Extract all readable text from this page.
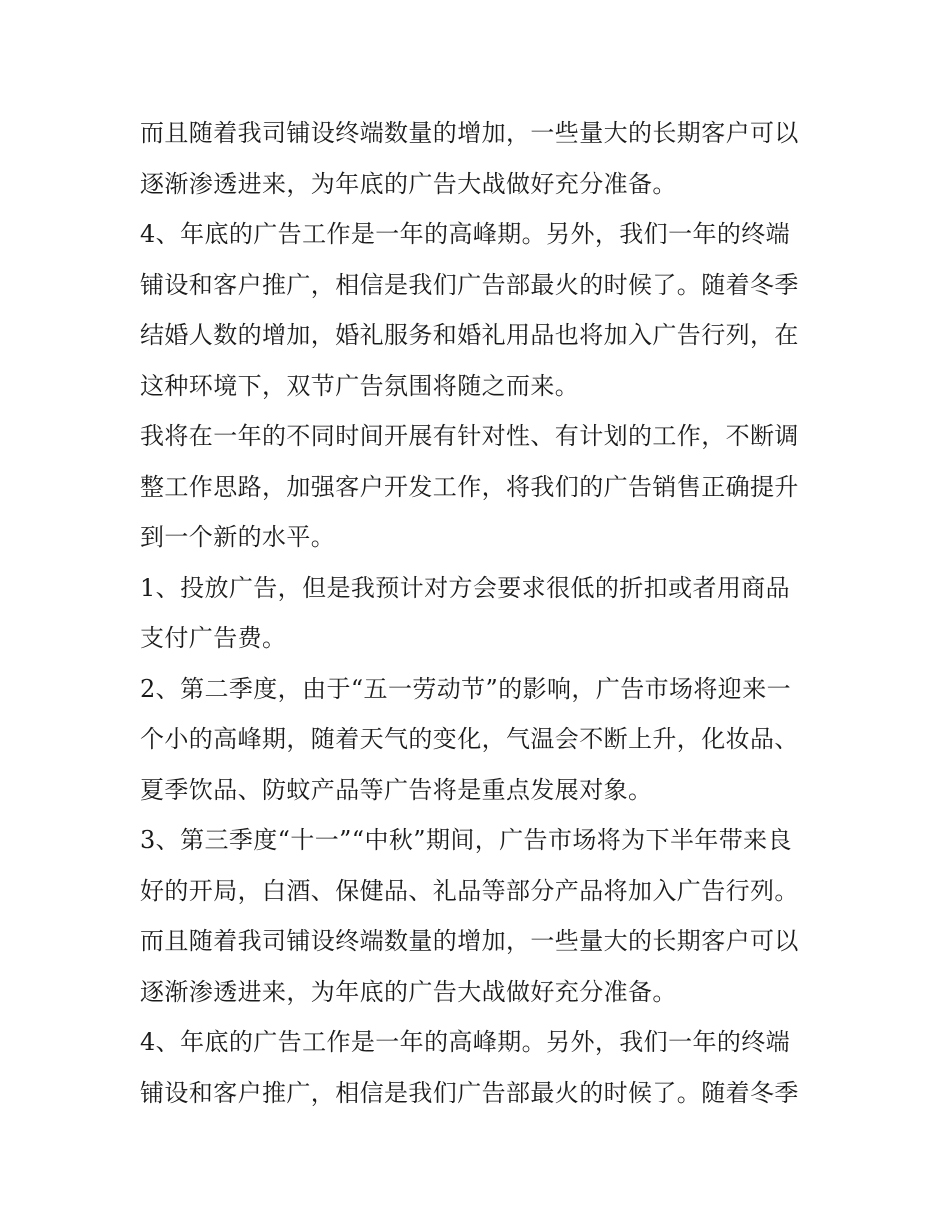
而且随着我司铺设终端数量的增加，一些量大的长期客户可以
逐渐渗透进来，为年底的广告大战做好充分准备。
4、年底的广告工作是一年的高峰期。另外，我们一年的终端
铺设和客户推广，相信是我们广告部最火的时候了。随着冬季
结婚人数的增加，婚礼服务和婚礼用品也将加入广告行列，在
这种环境下，双节广告氛围将随之而来。
我将在一年的不同时间开展有针对性、有计划的工作，不断调
整工作思路，加强客户开发工作，将我们的广告销售正确提升
到一个新的水平。
1、投放广告，但是我预计对方会要求很低的折扣或者用商品
支付广告费。
2、第二季度，由于“五一劳动节”的影响，广告市场将迎来一
个小的高峰期，随着天气的变化，气温会不断上升，化妆品、
夏季饮品、防蚊产品等广告将是重点发展对象。
3、第三季度“十一”“中秋”期间，广告市场将为下半年带来良
好的开局，白酒、保健品、礼品等部分产品将加入广告行列。
而且随着我司铺设终端数量的增加，一些量大的长期客户可以
逐渐渗透进来，为年底的广告大战做好充分准备。
4、年底的广告工作是一年的高峰期。另外，我们一年的终端
铺设和客户推广，相信是我们广告部最火的时候了。随着冬季
